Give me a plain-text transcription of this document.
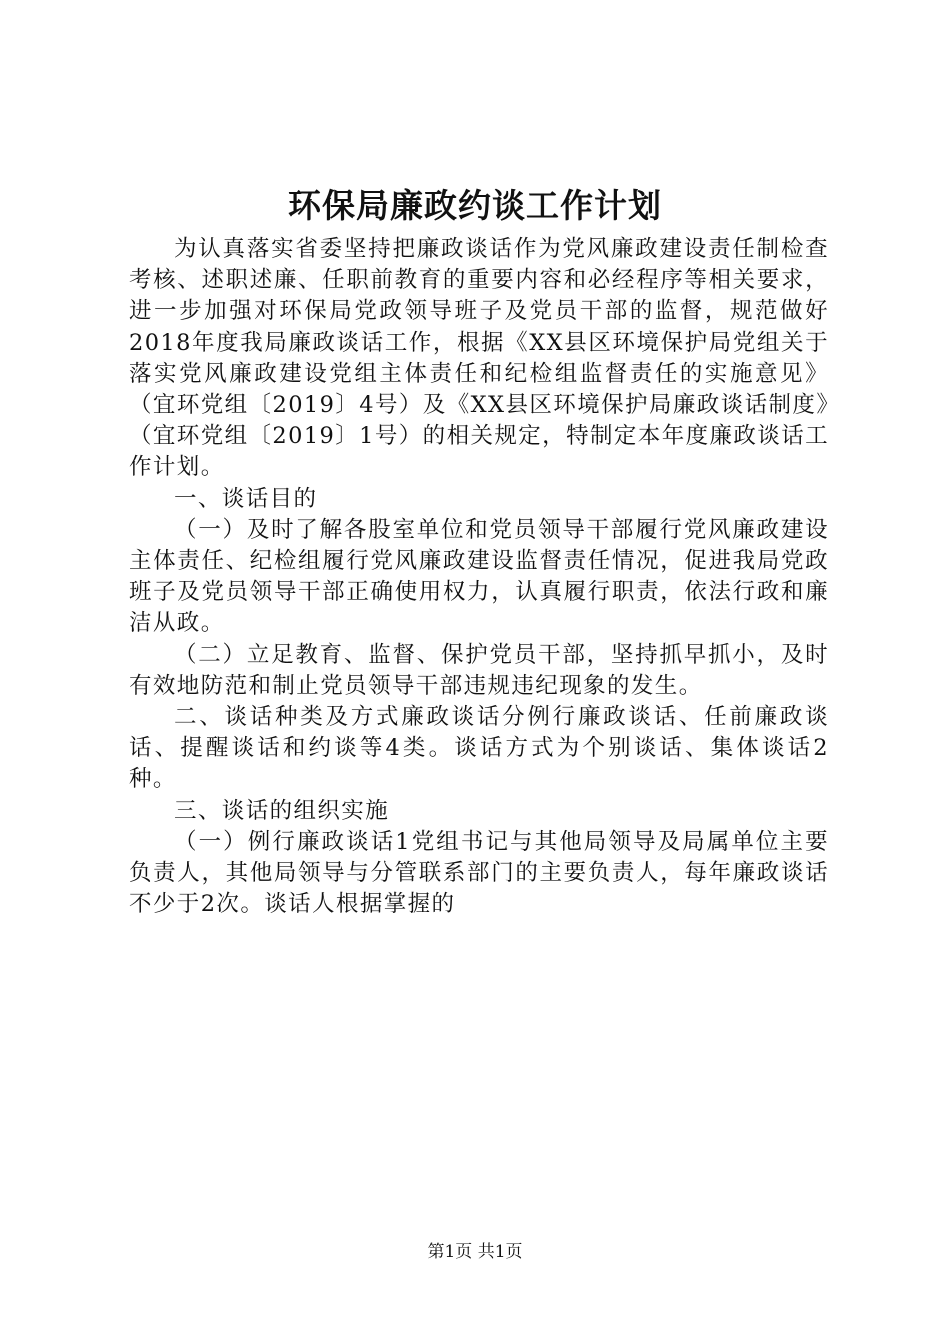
环保局廉政约谈工作计划

为认真落实省委坚持把廉政谈话作为党风廉政建设责任制检查考核、述职述廉、任职前教育的重要内容和必经程序等相关要求，进一步加强对环保局党政领导班子及党员干部的监督，规范做好2018年度我局廉政谈话工作，根据《XX县区环境保护局党组关于落实党风廉政建设党组主体责任和纪检组监督责任的实施意见》（宜环党组〔2019〕4号）及《XX县区环境保护局廉政谈话制度》（宜环党组〔2019〕1号）的相关规定，特制定本年度廉政谈话工作计划。

一、谈话目的

（一）及时了解各股室单位和党员领导干部履行党风廉政建设主体责任、纪检组履行党风廉政建设监督责任情况，促进我局党政班子及党员领导干部正确使用权力，认真履行职责，依法行政和廉洁从政。

（二）立足教育、监督、保护党员干部，坚持抓早抓小，及时有效地防范和制止党员领导干部违规违纪现象的发生。

二、谈话种类及方式廉政谈话分例行廉政谈话、任前廉政谈话、提醒谈话和约谈等4类。谈话方式为个别谈话、集体谈话2种。

三、谈话的组织实施

（一）例行廉政谈话1党组书记与其他局领导及局属单位主要负责人，其他局领导与分管联系部门的主要负责人，每年廉政谈话不少于2次。谈话人根据掌握的

第1页 共1页
